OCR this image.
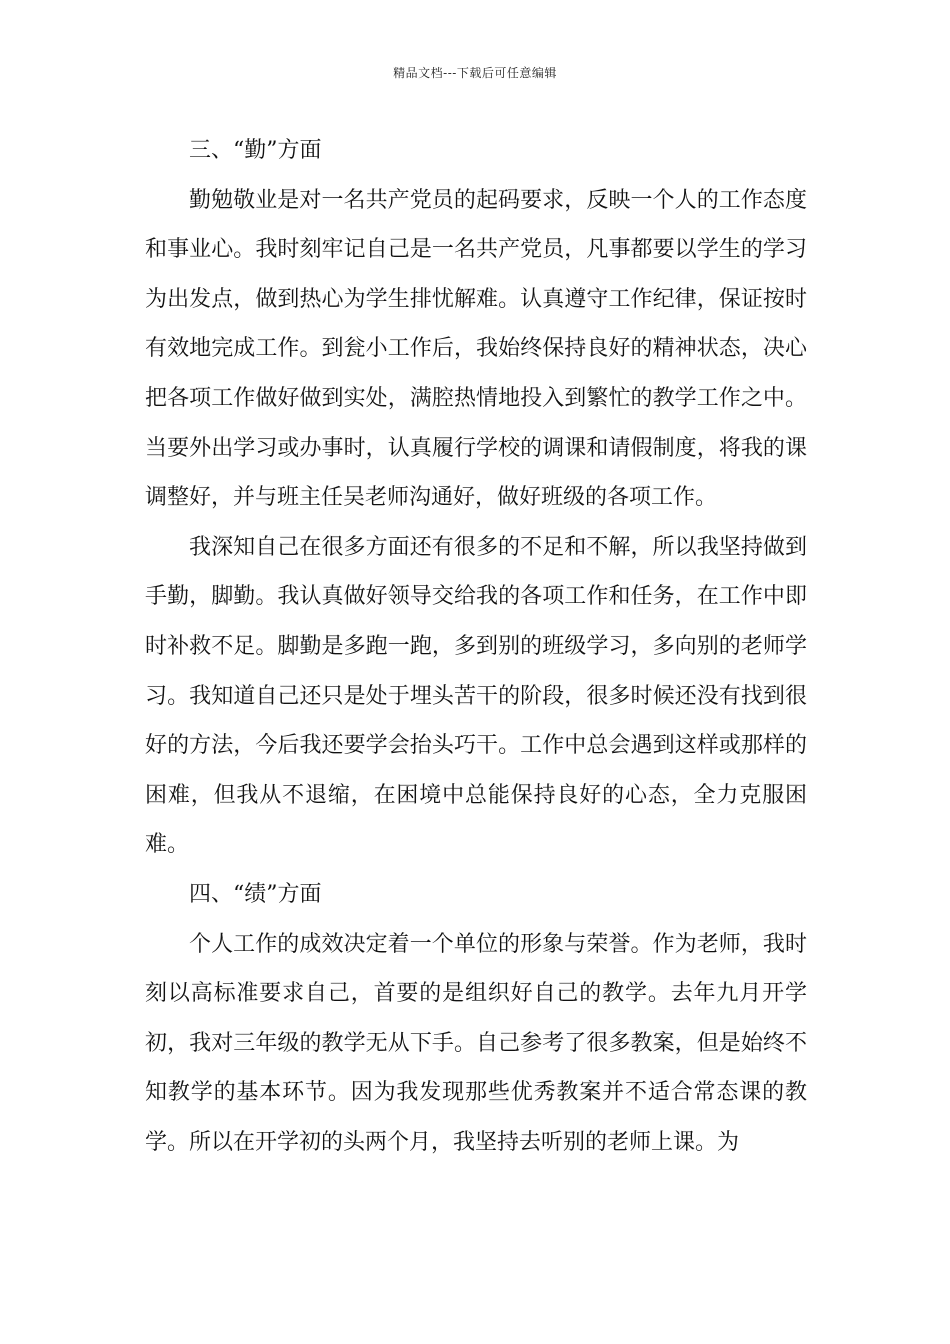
精品文档---下载后可任意编辑

三、“勤”方面

勤勉敬业是对一名共产党员的起码要求，反映一个人的工作态度和事业心。我时刻牢记自己是一名共产党员，凡事都要以学生的学习为出发点，做到热心为学生排忧解难。认真遵守工作纪律，保证按时有效地完成工作。到瓮小工作后，我始终保持良好的精神状态，决心把各项工作做好做到实处，满腔热情地投入到繁忙的教学工作之中。当要外出学习或办事时，认真履行学校的调课和请假制度，将我的课调整好，并与班主任吴老师沟通好，做好班级的各项工作。

我深知自己在很多方面还有很多的不足和不解，所以我坚持做到手勤，脚勤。我认真做好领导交给我的各项工作和任务，在工作中即时补救不足。脚勤是多跑一跑，多到别的班级学习，多向别的老师学习。我知道自己还只是处于埋头苦干的阶段，很多时候还没有找到很好的方法，今后我还要学会抬头巧干。工作中总会遇到这样或那样的困难，但我从不退缩，在困境中总能保持良好的心态，全力克服困难。

四、“绩”方面

个人工作的成效决定着一个单位的形象与荣誉。作为老师，我时刻以高标准要求自己，首要的是组织好自己的教学。去年九月开学初，我对三年级的教学无从下手。自己参考了很多教案，但是始终不知教学的基本环节。因为我发现那些优秀教案并不适合常态课的教学。所以在开学初的头两个月，我坚持去听别的老师上课。为
